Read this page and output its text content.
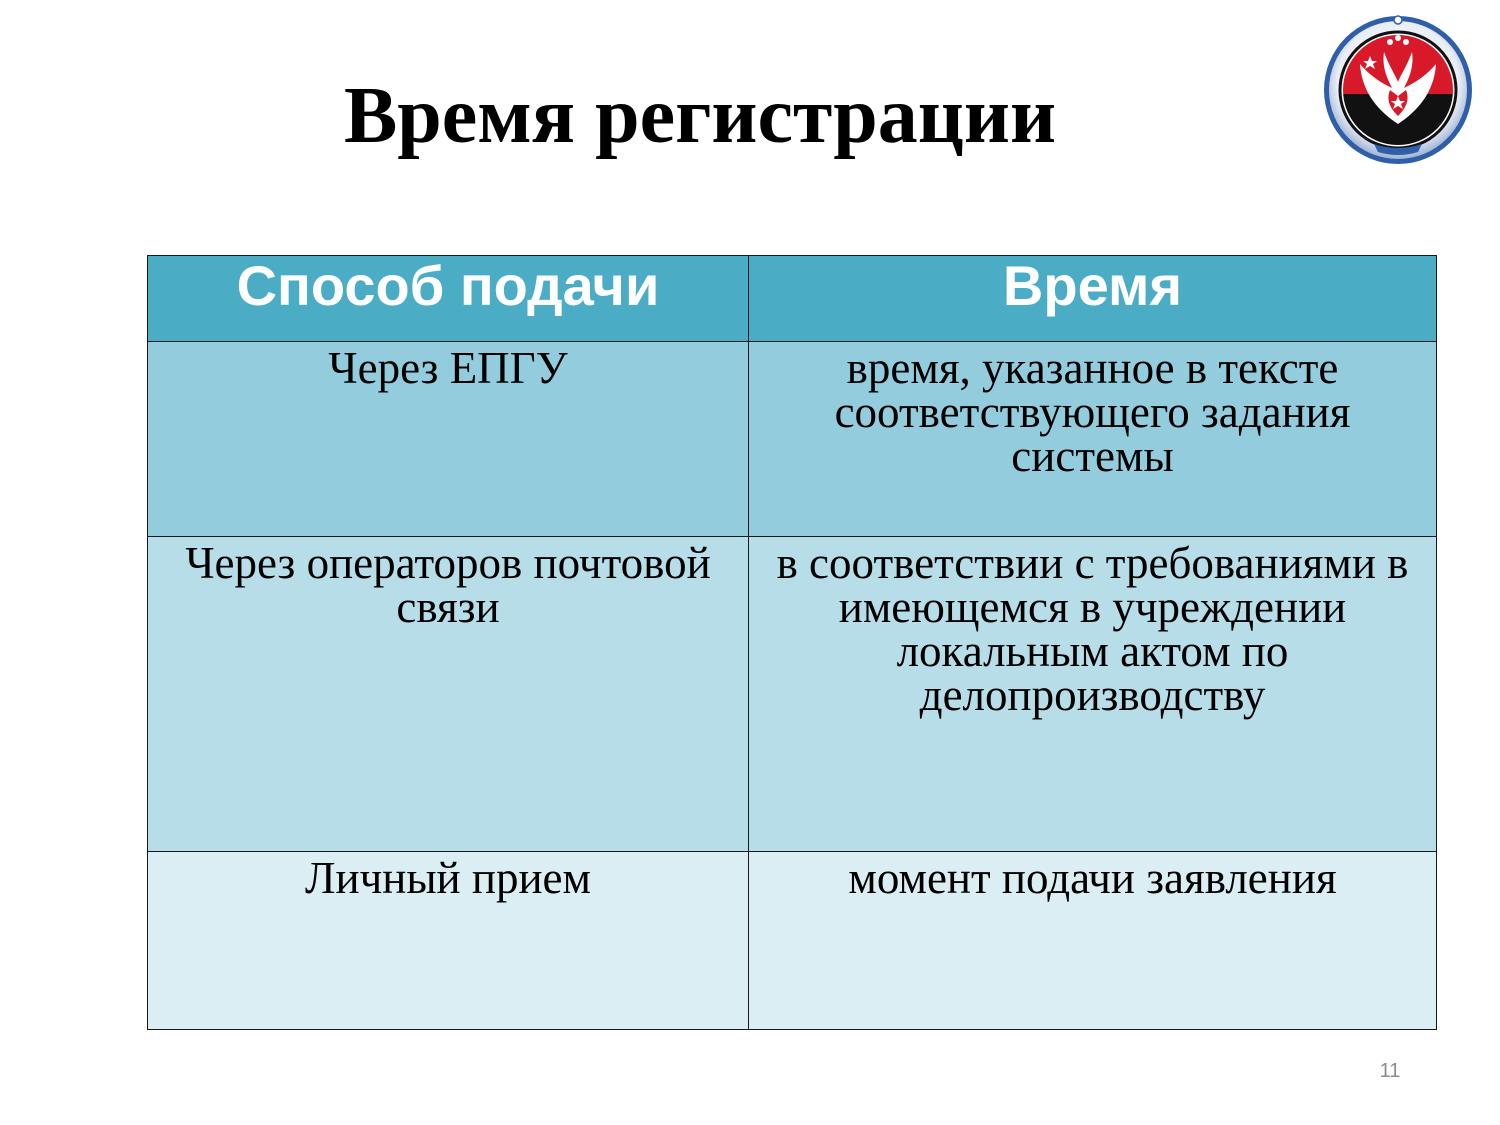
Время регистрации
Способ подачи	Время
Через ЕПГУ	время, указанное в тексте соответствующего задания системы
Через операторов почтовой связи	в соответствии с требованиями в имеющемся в учреждении локальным актом по делопроизводству
Личный прием	момент подачи заявления
11
